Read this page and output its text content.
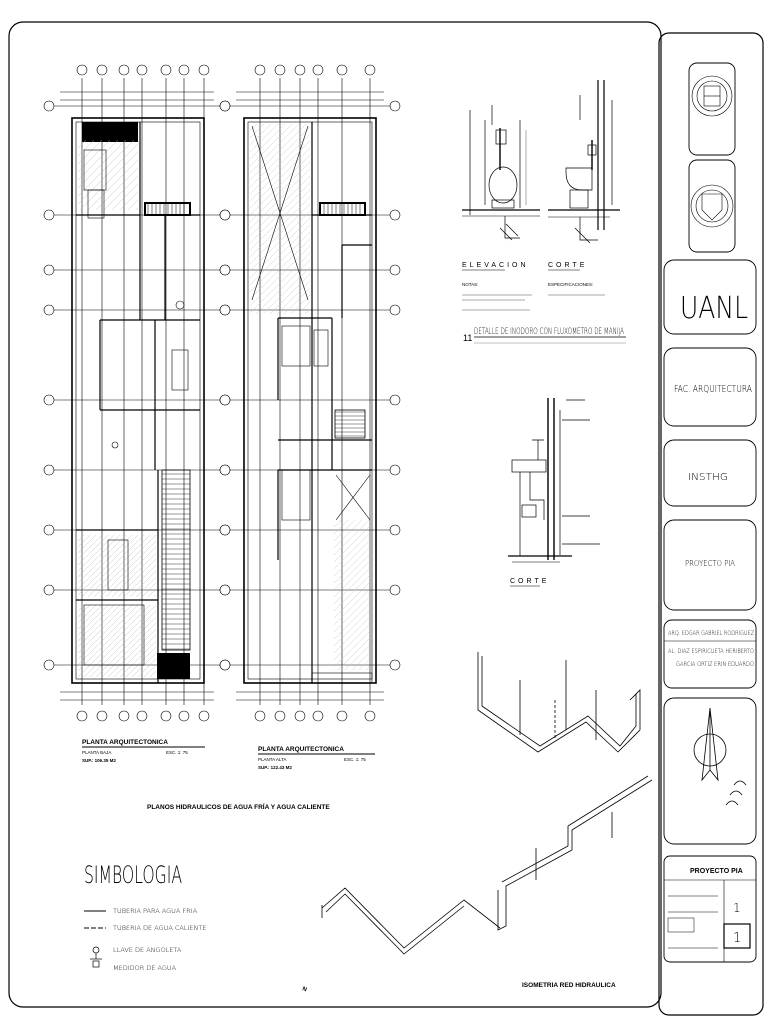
ELEVACION	CORTE
NOTAS:	ESPECIFICACIONES:
11
DETALLE DE INODORO CON FLUXOMETRO DE MANIJA
CORTE
PLANTA ARQUITECTONICA
PLANTA BAJA	ESC. 1: 75
SUP.: 106.35 M2
PLANTA ARQUITECTONICA
PLANTA ALTA	ESC. 1: 75
SUP.: 122.43 M2
PLANOS HIDRAULICOS DE AGUA FRÍA Y AGUA CALIENTE
SIMBOLOGIA
TUBERIA PARA AGUA FRIA
TUBERIA DE AGUA CALIENTE
LLAVE DE ANGOLETA
MEDIDOR DE AGUA
ISOMETRIA RED HIDRAULICA
N
UANL
FAC. ARQUITECTURA
INSTHG
PROYECTO PIA
ARQ. EDGAR GABRIEL RODRIGUEZ
AL. DIAZ ESPIRICUETA HERIBERTO
GARCIA ORTIZ ERIN EDUARDO
PROYECTO PIA
1
1
